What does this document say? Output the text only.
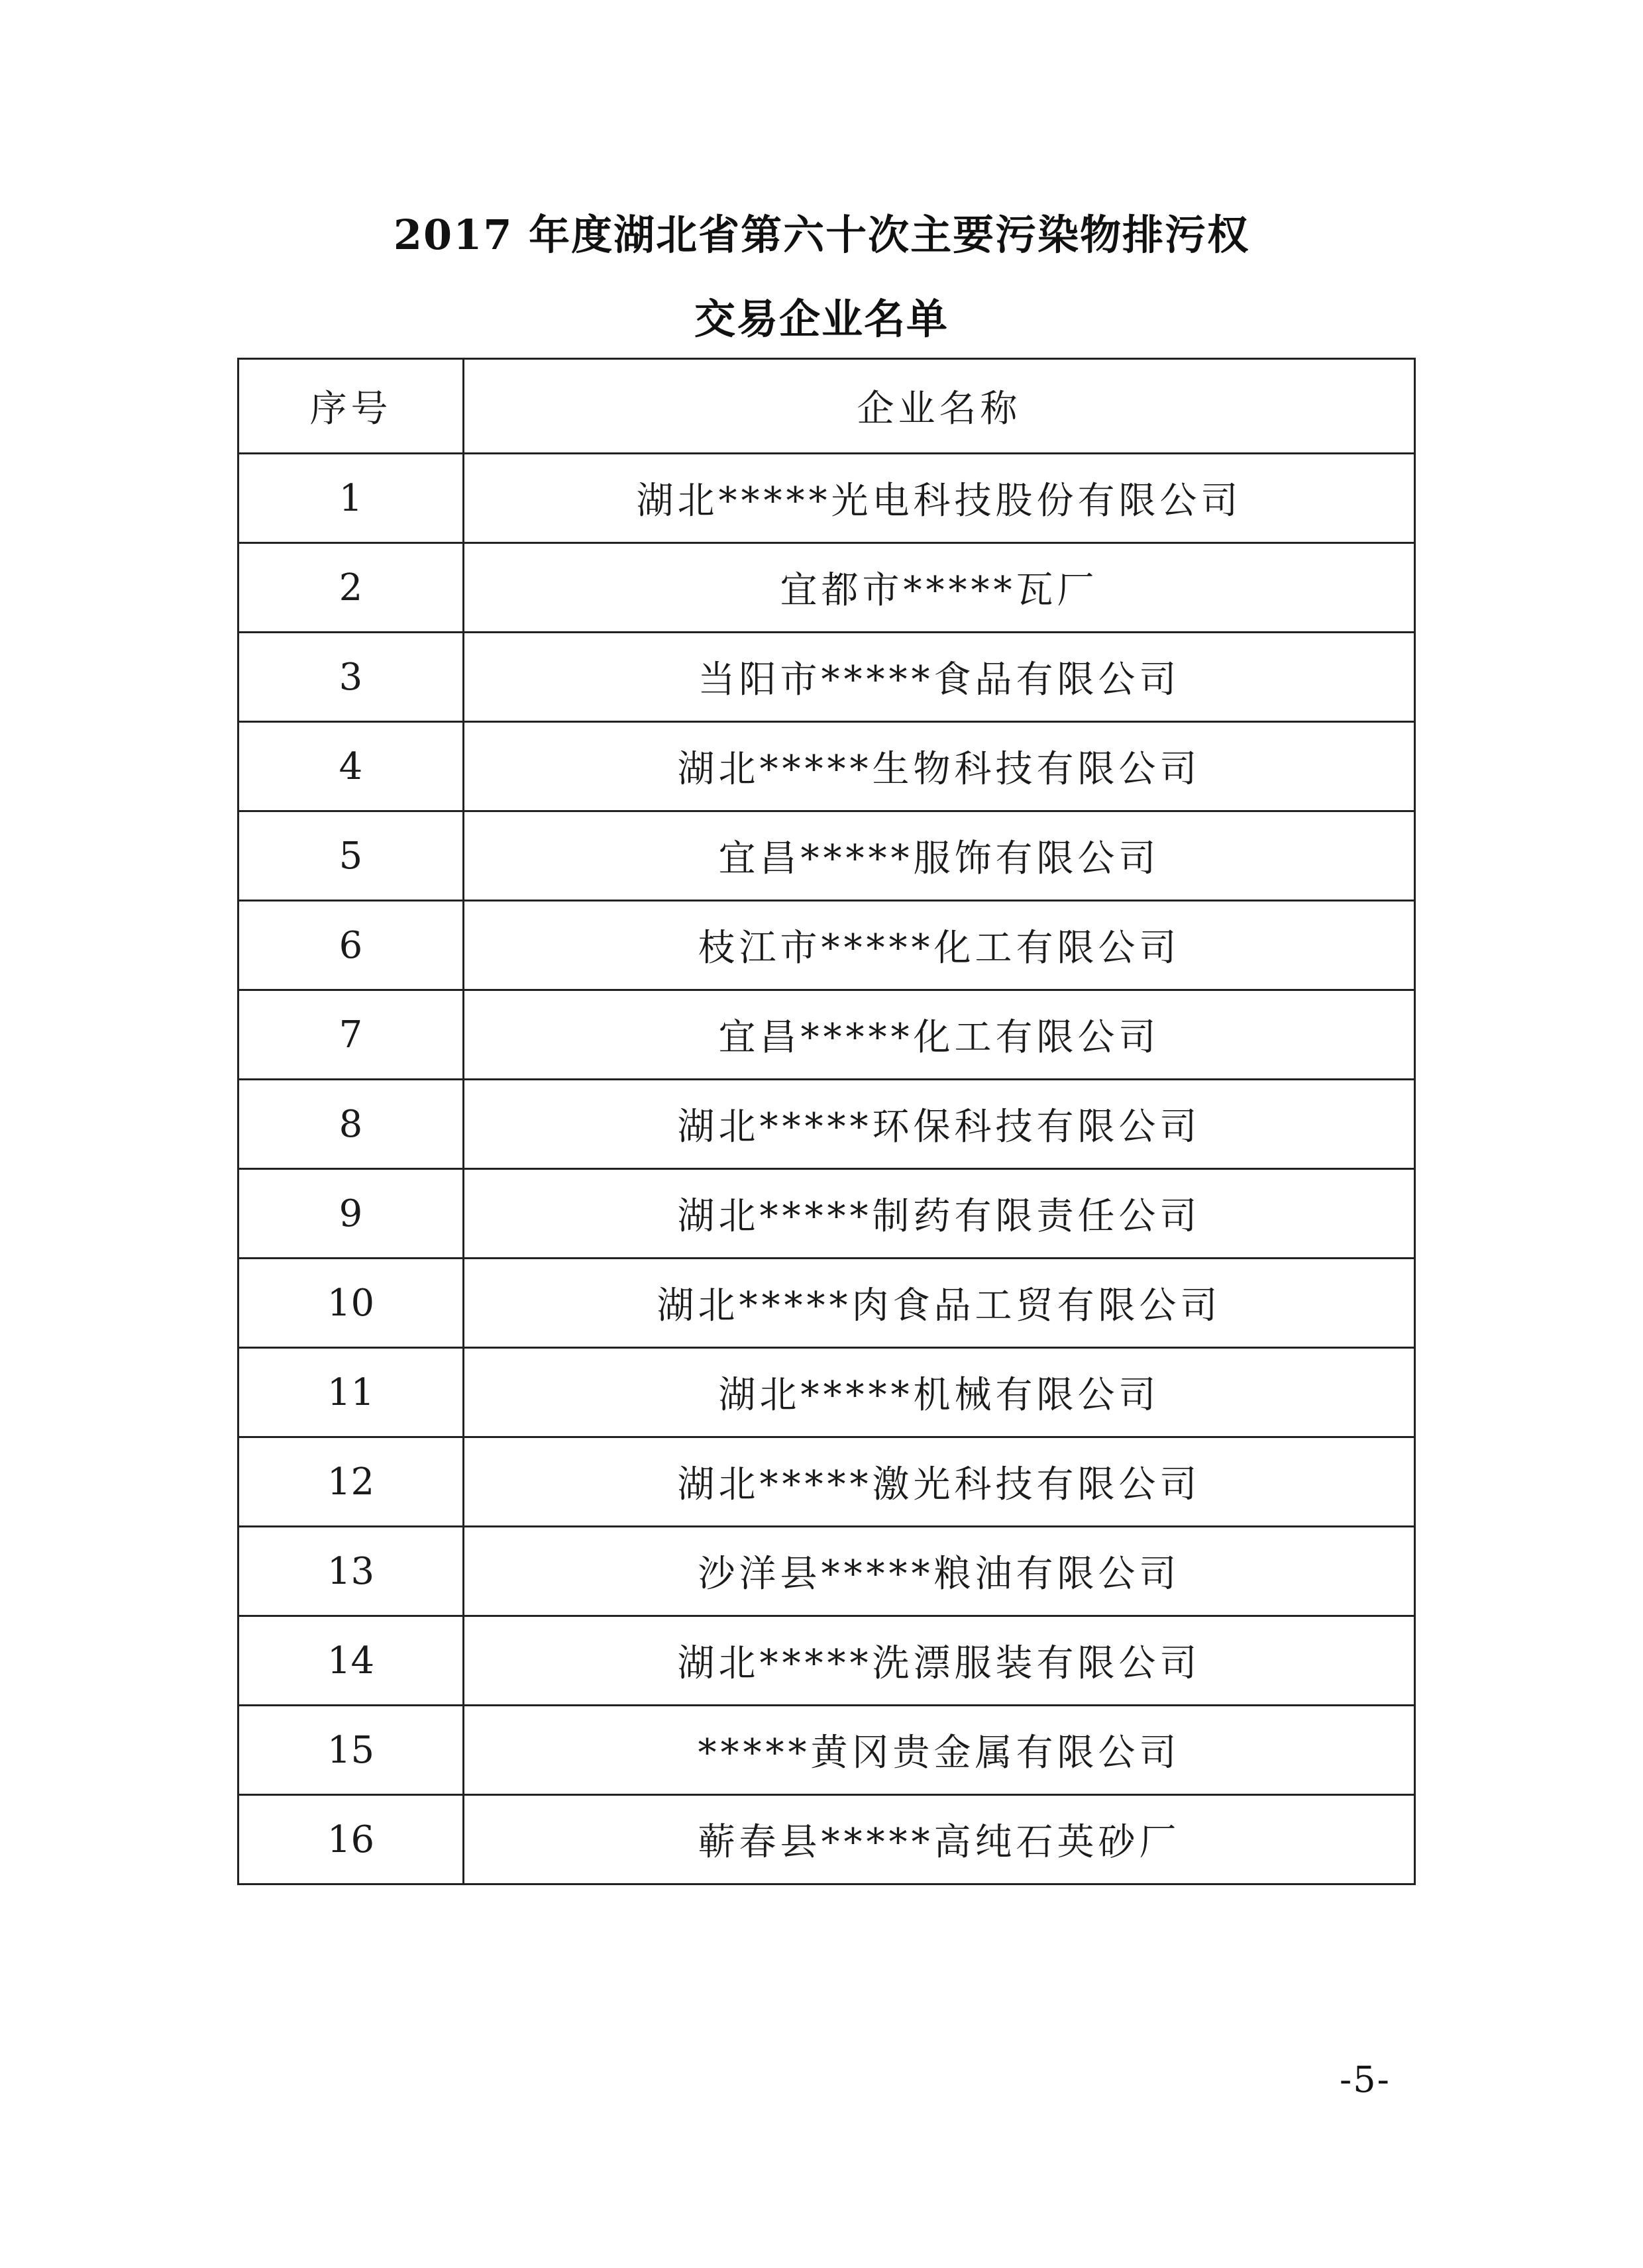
2017 年度湖北省第六十次主要污染物排污权
交易企业名单
序号	企业名称
1	湖北*****光电科技股份有限公司
2	宜都市*****瓦厂
3	当阳市*****食品有限公司
4	湖北*****生物科技有限公司
5	宜昌*****服饰有限公司
6	枝江市*****化工有限公司
7	宜昌*****化工有限公司
8	湖北*****环保科技有限公司
9	湖北*****制药有限责任公司
10	湖北*****肉食品工贸有限公司
11	湖北*****机械有限公司
12	湖北*****激光科技有限公司
13	沙洋县*****粮油有限公司
14	湖北*****洗漂服装有限公司
15	*****黄冈贵金属有限公司
16	蕲春县*****高纯石英砂厂
-5-
